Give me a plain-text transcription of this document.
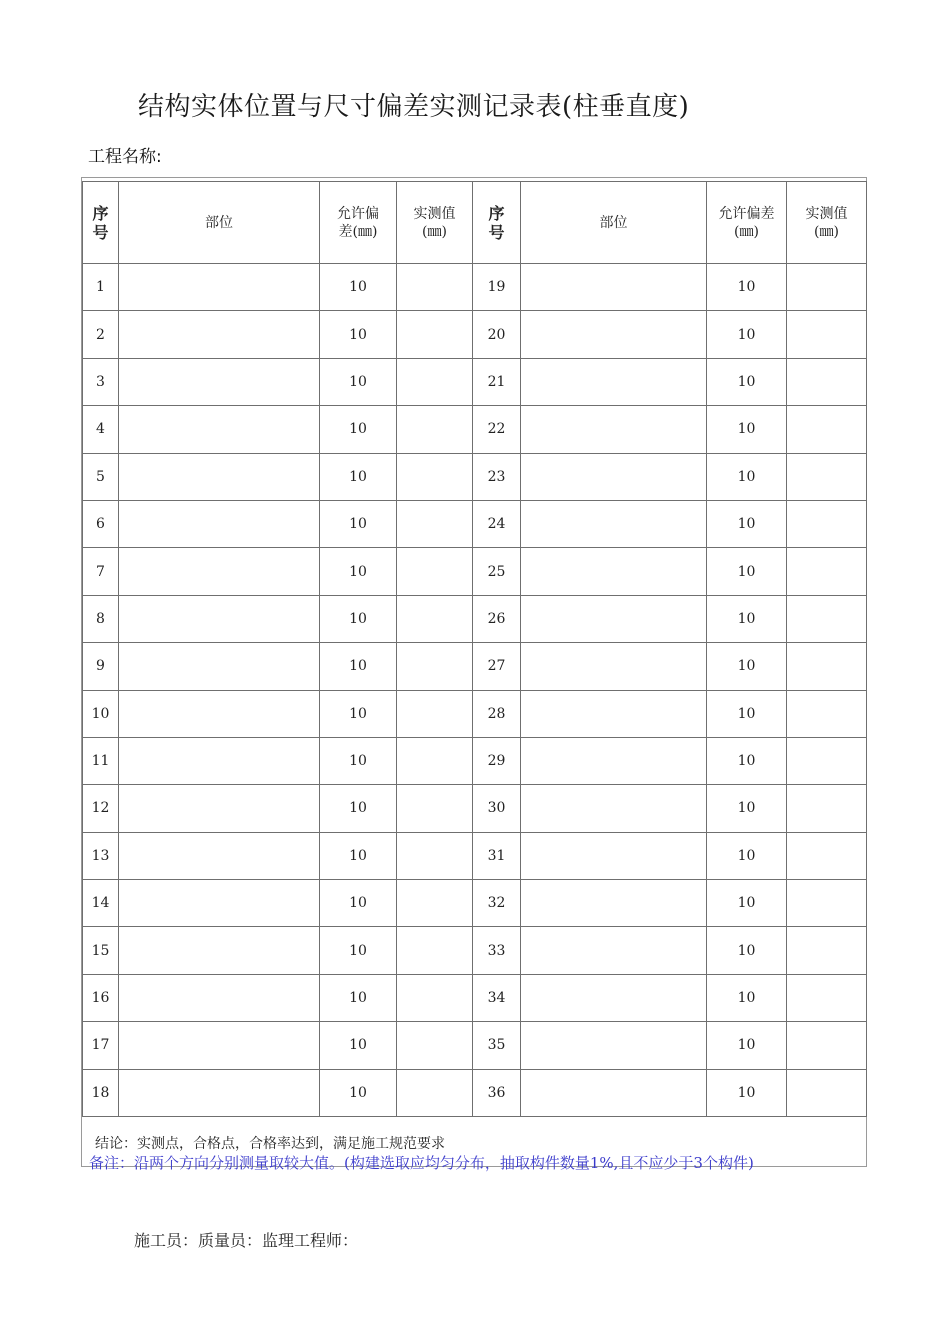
结构实体位置与尺寸偏差实测记录表(柱垂直度)
工程名称:
序号	部位	允许偏差(㎜)	实测值(㎜)	序号	部位	允许偏差(㎜)	实测值(㎜)
1		10		19		10	
2		10		20		10	
3		10		21		10	
4		10		22		10	
5		10		23		10	
6		10		24		10	
7		10		25		10	
8		10		26		10	
9		10		27		10	
10		10		28		10	
11		10		29		10	
12		10		30		10	
13		10		31		10	
14		10		32		10	
15		10		33		10	
16		10		34		10	
17		10		35		10	
18		10		36		10	
结论：实测点，合格点，合格率达到，满足施工规范要求
备注：沿两个方向分别测量取较大值。(构建选取应均匀分布，抽取构件数量1%,且不应少于3个构件)
施工员：质量员：监理工程师：
